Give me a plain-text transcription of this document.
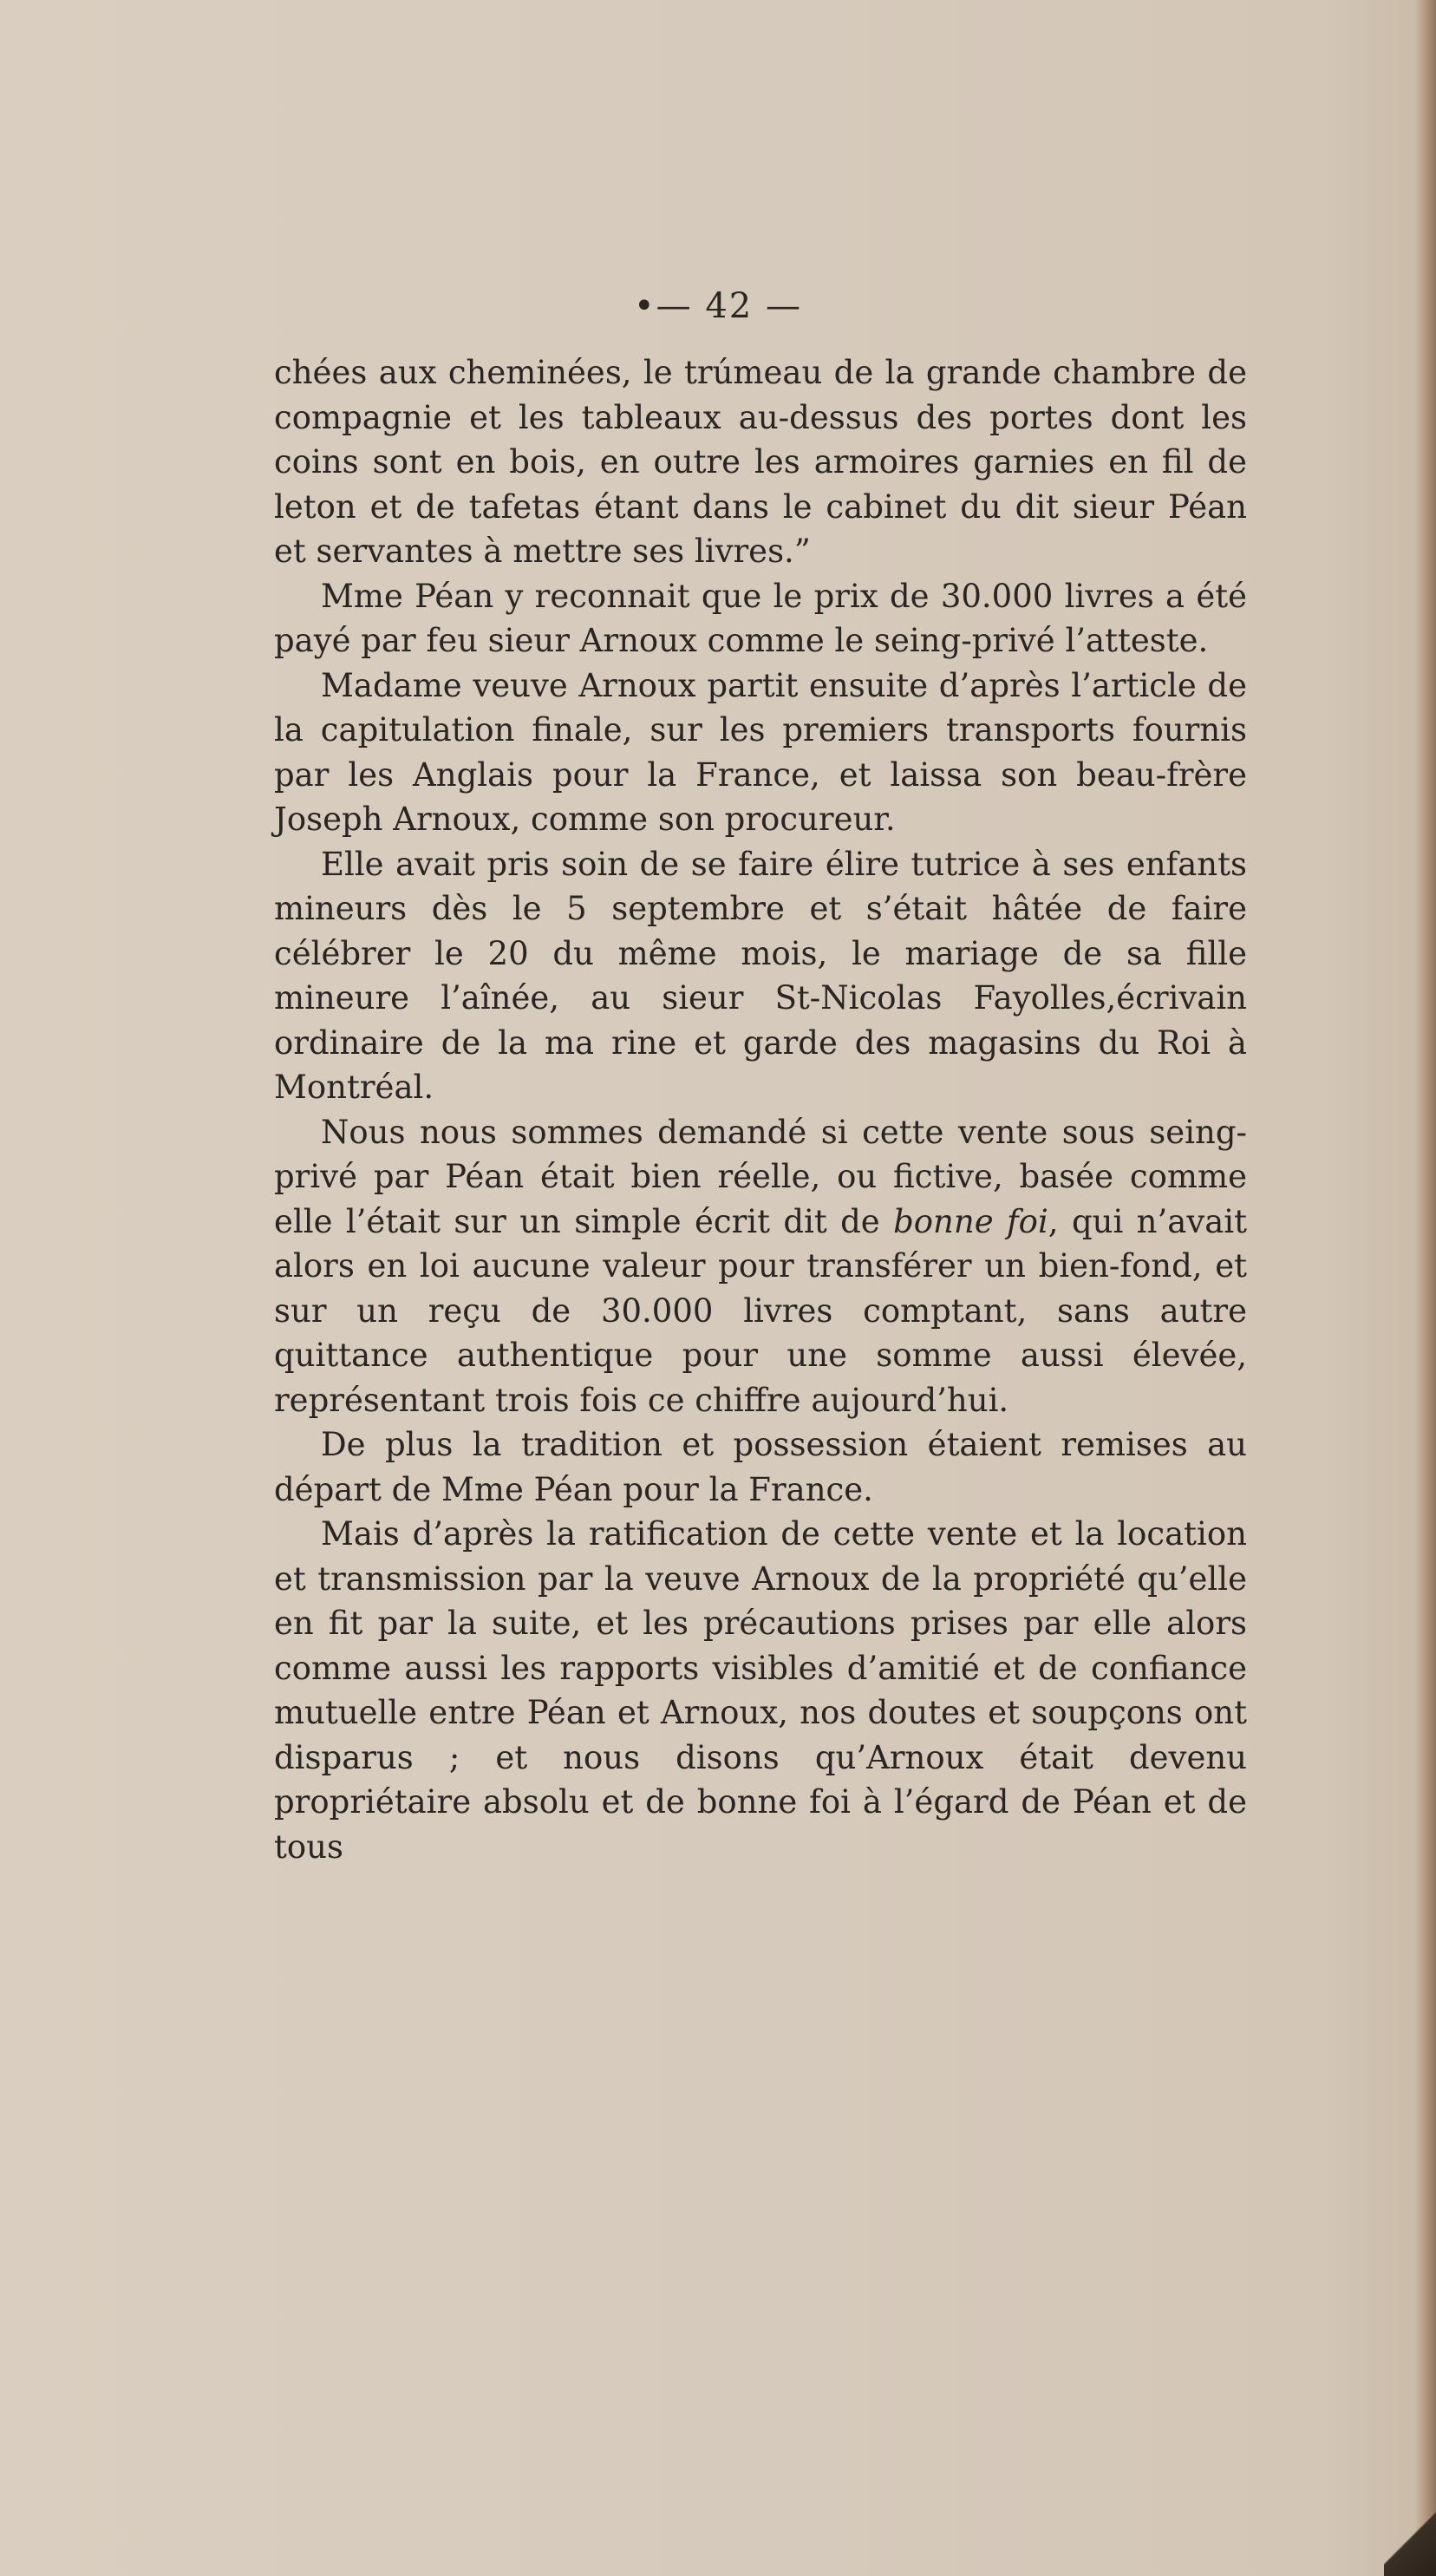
•— 42 —

chées aux cheminées, le trúmeau de la grande chambre de compagnie et les tableaux au-dessus des portes dont les coins sont en bois, en outre les armoires garnies en fil de leton et de tafetas étant dans le cabinet du dit sieur Péan et servantes à mettre ses livres.”

Mme Péan y reconnait que le prix de 30.000 livres a été payé par feu sieur Arnoux comme le seing-privé l’atteste.

Madame veuve Arnoux partit ensuite d’après l’article de la capitulation finale, sur les premiers transports fournis par les Anglais pour la France, et laissa son beau-frère Joseph Arnoux, comme son procureur.

Elle avait pris soin de se faire élire tutrice à ses enfants mineurs dès le 5 septembre et s’était hâtée de faire célébrer le 20 du même mois, le mariage de sa fille mineure l’aînée, au sieur St-Nicolas Fayolles,écrivain ordinaire de la ma rine et garde des magasins du Roi à Montréal.

Nous nous sommes demandé si cette vente sous seing-privé par Péan était bien réelle, ou fictive, basée comme elle l’était sur un simple écrit dit de bonne foi, qui n’avait alors en loi aucune valeur pour transférer un bien-fond, et sur un reçu de 30.000 livres comptant, sans autre quittance authentique pour une somme aussi élevée, représentant trois fois ce chiffre aujourd’hui.

De plus la tradition et possession étaient remises au départ de Mme Péan pour la France.

Mais d’après la ratification de cette vente et la location et transmission par la veuve Arnoux de la propriété qu’elle en fit par la suite, et les précautions prises par elle alors comme aussi les rapports visibles d’amitié et de confiance mutuelle entre Péan et Arnoux, nos doutes et soupçons ont disparus ; et nous disons qu’Arnoux était devenu propriétaire absolu et de bonne foi à l’égard de Péan et de tous
